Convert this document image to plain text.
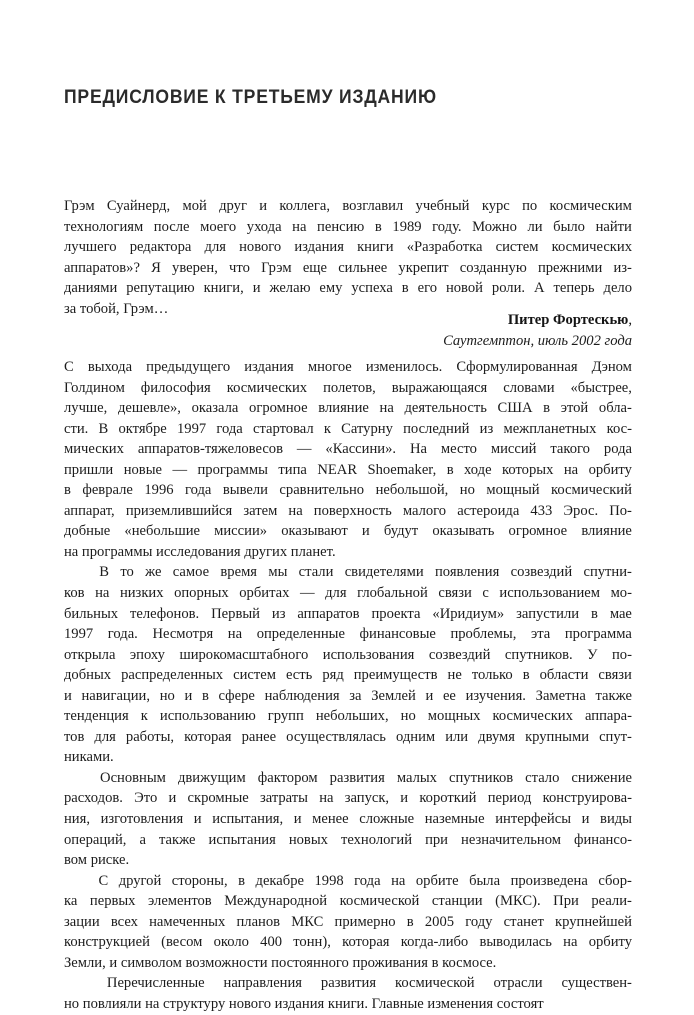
ПРЕДИСЛОВИЕ К ТРЕТЬЕМУ ИЗДАНИЮ
Грэм Суайнерд, мой друг и коллега, возглавил учебный курс по космическим
технологиям после моего ухода на пенсию в 1989 году. Можно ли было найти
лучшего редактора для нового издания книги «Разработка систем космических
аппаратов»? Я уверен, что Грэм еще сильнее укрепит созданную прежними из-
даниями репутацию книги, и желаю ему успеха в его новой роли. А теперь дело
за тобой, Грэм…
Питер Фортескью,
Саутгемптон, июль 2002 года
С выхода предыдущего издания многое изменилось. Сформулированная Дэном
Голдином философия космических полетов, выражающаяся словами «быстрее,
лучше, дешевле», оказала огромное влияние на деятельность США в этой обла-
сти. В октябре 1997 года стартовал к Сатурну последний из межпланетных кос-
мических аппаратов-тяжеловесов — «Кассини». На место миссий такого рода
пришли новые — программы типа NEAR Shoemaker, в ходе которых на орбиту
в феврале 1996 года вывели сравнительно небольшой, но мощный космический
аппарат, приземлившийся затем на поверхность малого астероида 433 Эрос. По-
добные «небольшие миссии» оказывают и будут оказывать огромное влияние
на программы исследования других планет.
В то же самое время мы стали свидетелями появления созвездий спутни-
ков на низких опорных орбитах — для глобальной связи с использованием мо-
бильных телефонов. Первый из аппаратов проекта «Иридиум» запустили в мае
1997 года. Несмотря на определенные финансовые проблемы, эта программа
открыла эпоху широкомасштабного использования созвездий спутников. У по-
добных распределенных систем есть ряд преимуществ не только в области связи
и навигации, но и в сфере наблюдения за Землей и ее изучения. Заметна также
тенденция к использованию групп небольших, но мощных космических аппара-
тов для работы, которая ранее осуществлялась одним или двумя крупными спут-
никами.
Основным движущим фактором развития малых спутников стало снижение
расходов. Это и скромные затраты на запуск, и короткий период конструирова-
ния, изготовления и испытания, и менее сложные наземные интерфейсы и виды
операций, а также испытания новых технологий при незначительном финансо-
вом риске.
С другой стороны, в декабре 1998 года на орбите была произведена сбор-
ка первых элементов Международной космической станции (МКС). При реали-
зации всех намеченных планов МКС примерно в 2005 году станет крупнейшей
конструкцией (весом около 400 тонн), которая когда-либо выводилась на орбиту
Земли, и символом возможности постоянного проживания в космосе.
Перечисленные направления развития космической отрасли существен-
но повлияли на структуру нового издания книги. Главные изменения состоят
